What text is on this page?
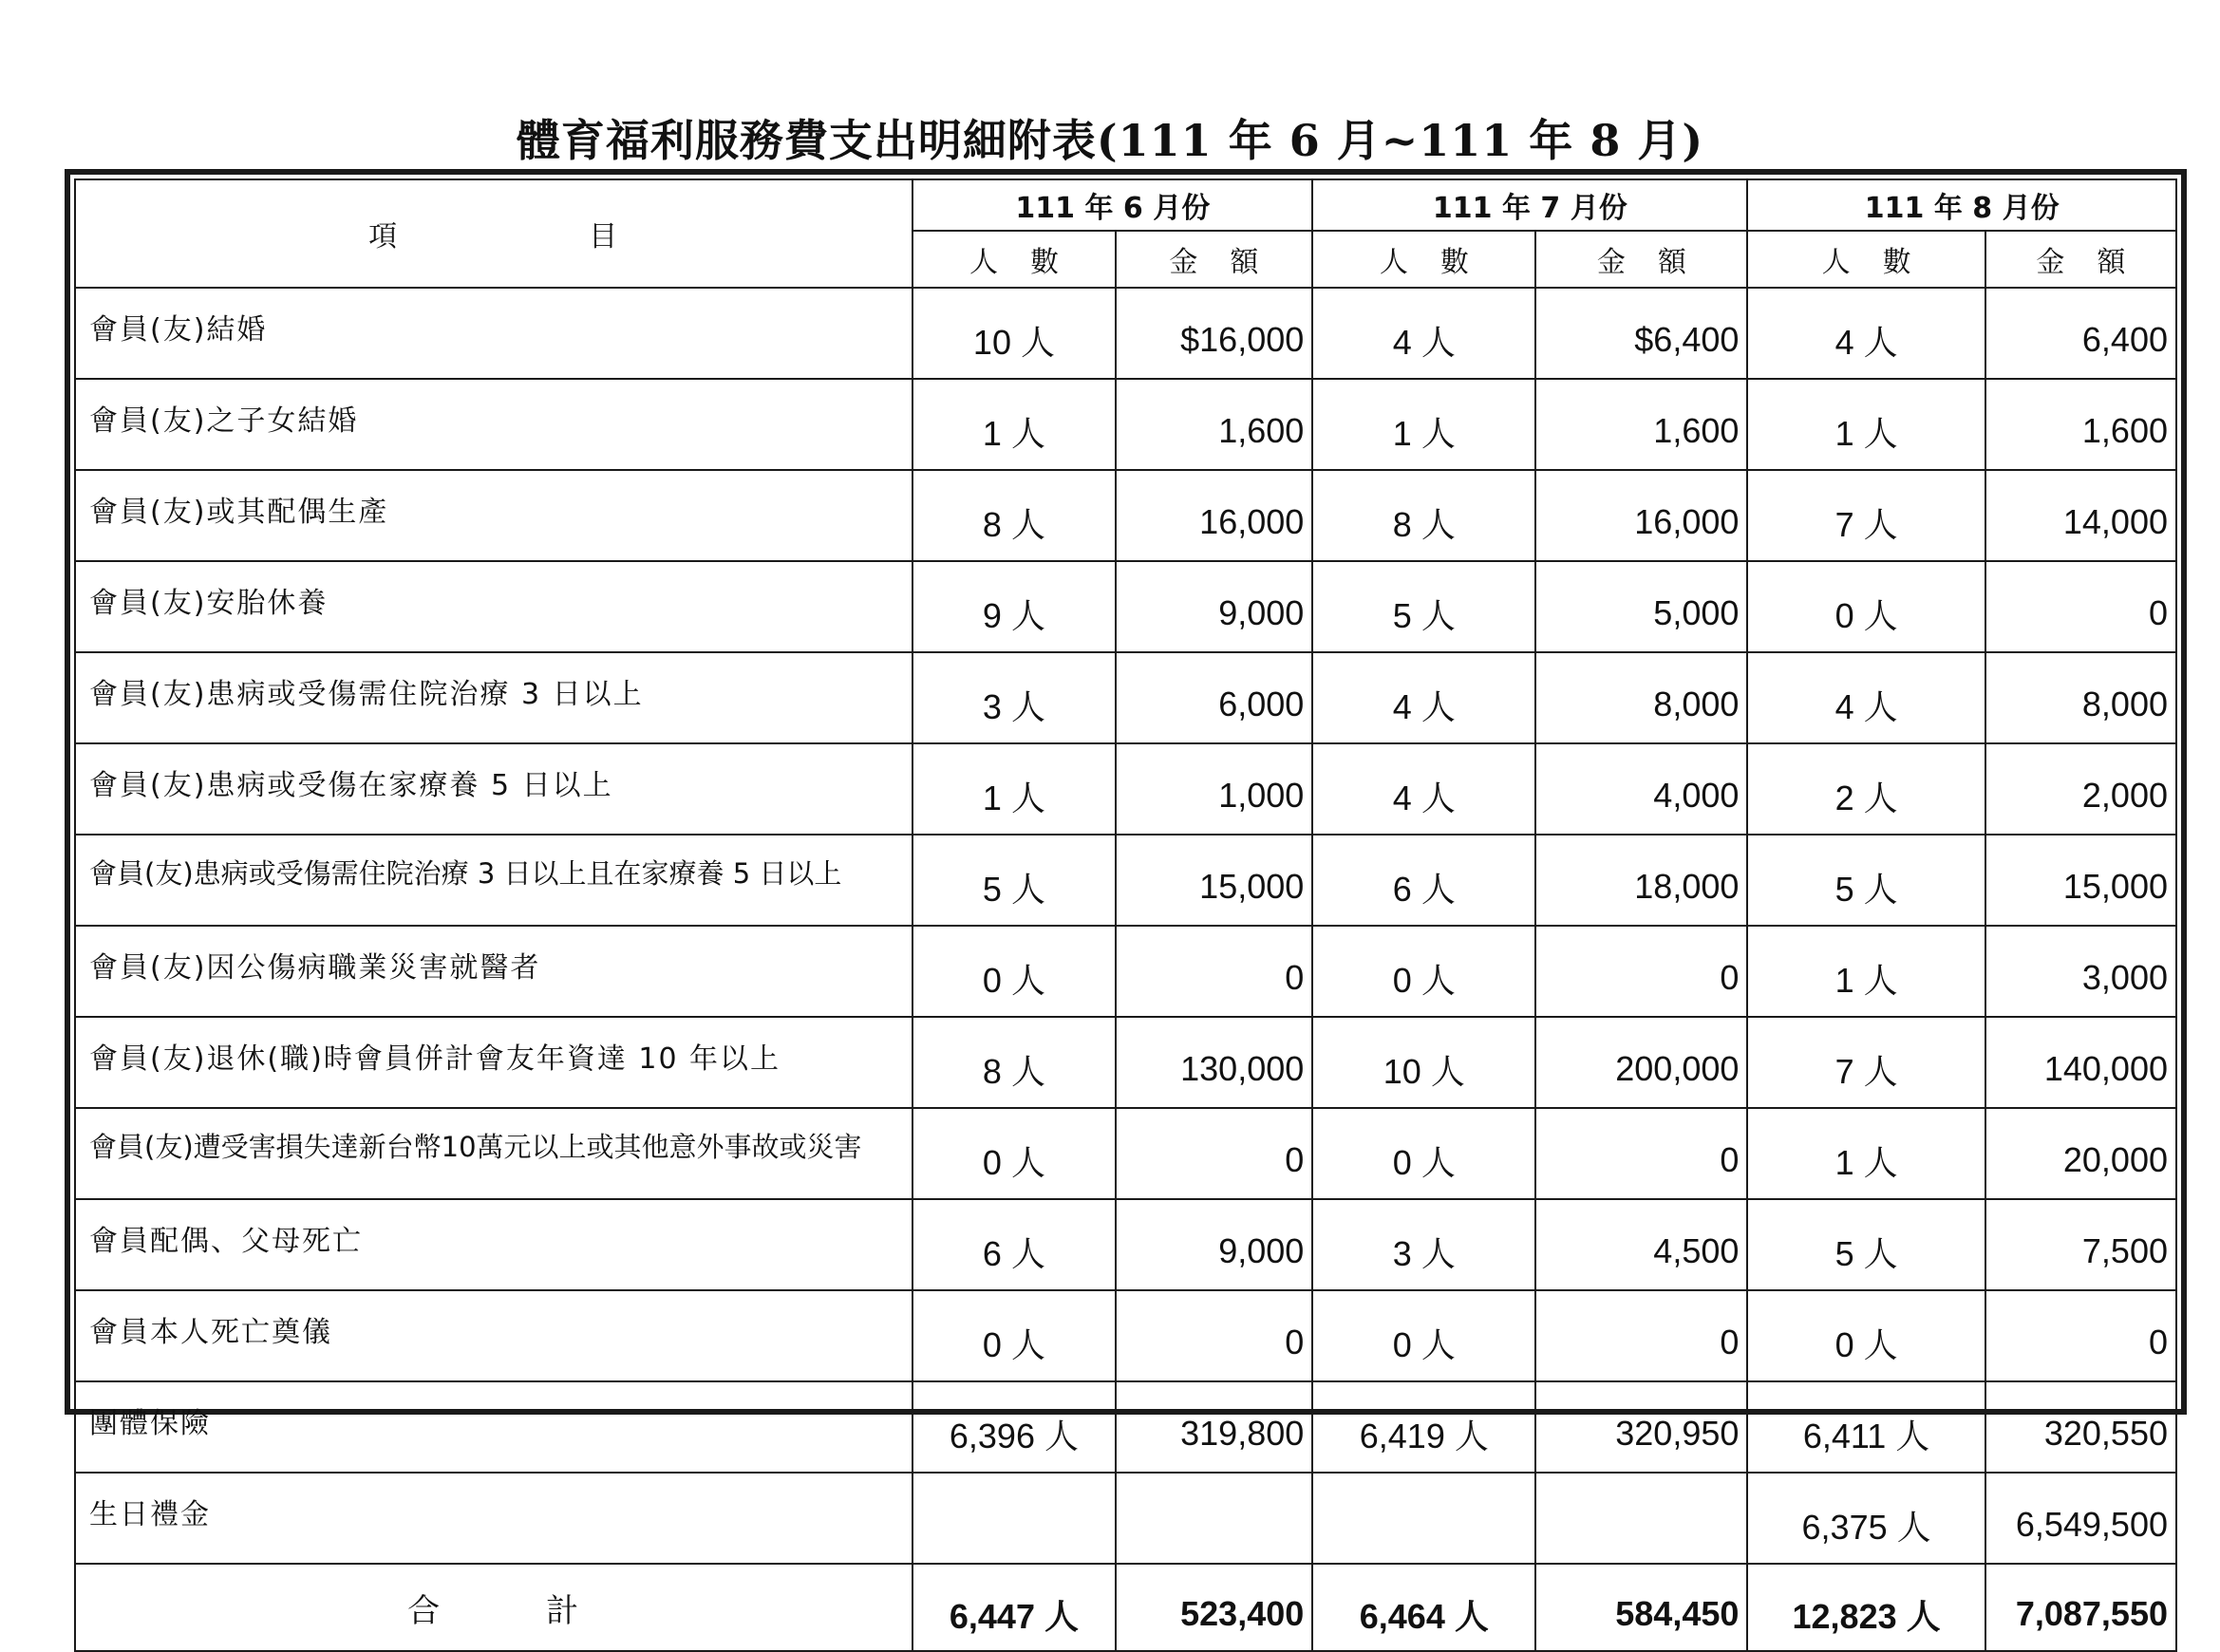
體育福利服務費支出明細附表(111 年 6 月~111 年 8 月)
項 目	111 年 6 月份		111 年 7 月份		111 年 8 月份	
	人 數	金 額	人 數	金 額	人 數	金 額
會員(友)結婚	10 人	$16,000	4 人	$6,400	4 人	6,400
會員(友)之子女結婚	1 人	1,600	1 人	1,600	1 人	1,600
會員(友)或其配偶生產	8 人	16,000	8 人	16,000	7 人	14,000
會員(友)安胎休養	9 人	9,000	5 人	5,000	0 人	0
會員(友)患病或受傷需住院治療 3 日以上	3 人	6,000	4 人	8,000	4 人	8,000
會員(友)患病或受傷在家療養 5 日以上	1 人	1,000	4 人	4,000	2 人	2,000
會員(友)患病或受傷需住院治療 3 日以上且在家療養 5 日以上	5 人	15,000	6 人	18,000	5 人	15,000
會員(友)因公傷病職業災害就醫者	0 人	0	0 人	0	1 人	3,000
會員(友)退休(職)時會員併計會友年資達 10 年以上	8 人	130,000	10 人	200,000	7 人	140,000
會員(友)遭受害損失達新台幣10萬元以上或其他意外事故或災害	0 人	0	0 人	0	1 人	20,000
會員配偶、父母死亡	6 人	9,000	3 人	4,500	5 人	7,500
會員本人死亡奠儀	0 人	0	0 人	0	0 人	0
團體保險	6,396 人	319,800	6,419 人	320,950	6,411 人	320,550
生日禮金					6,375 人	6,549,500
合 計	6,447 人	523,400	6,464 人	584,450	12,823 人	7,087,550
